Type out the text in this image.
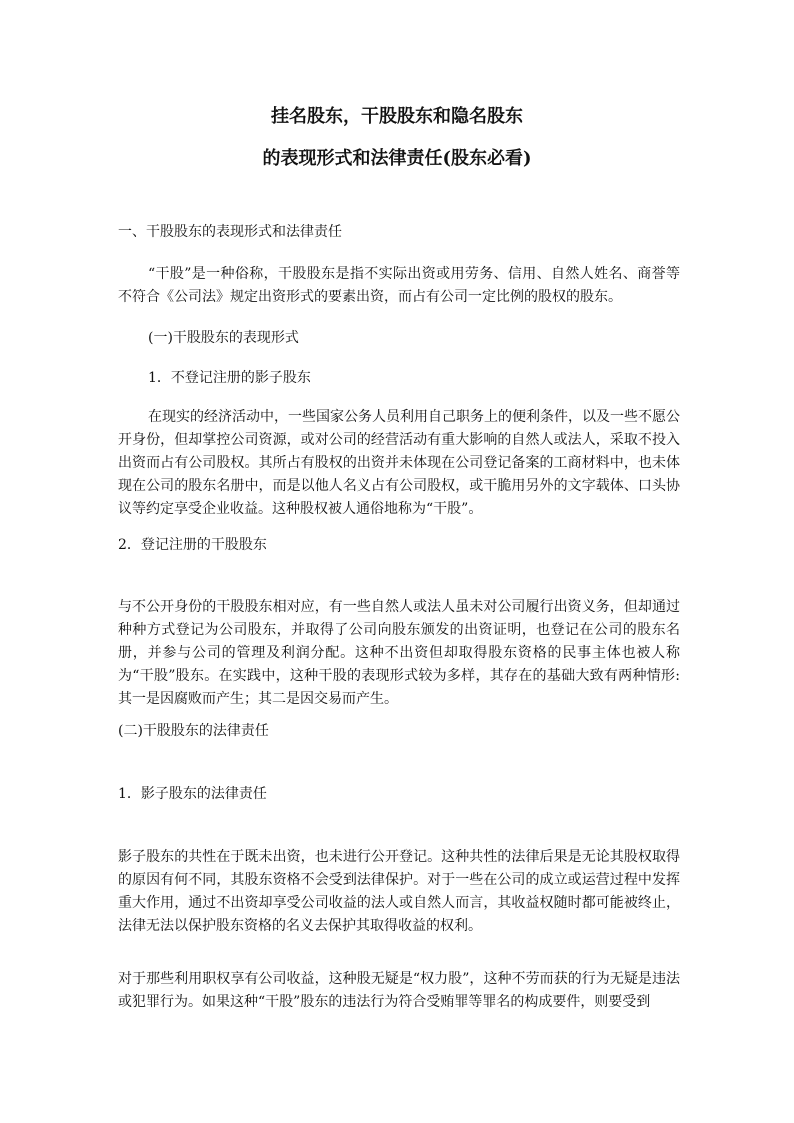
挂名股东，干股股东和隐名股东
的表现形式和法律责任(股东必看)
一、干股股东的表现形式和法律责任
“干股”是一种俗称，干股股东是指不实际出资或用劳务、信用、自然人姓名、商誉等不符合《公司法》规定出资形式的要素出资，而占有公司一定比例的股权的股东。
(一)干股股东的表现形式
1．不登记注册的影子股东
在现实的经济活动中，一些国家公务人员利用自己职务上的便利条件，以及一些不愿公开身份，但却掌控公司资源，或对公司的经营活动有重大影响的自然人或法人，采取不投入出资而占有公司股权。其所占有股权的出资并未体现在公司登记备案的工商材料中，也未体现在公司的股东名册中，而是以他人名义占有公司股权，或干脆用另外的文字载体、口头协议等约定享受企业收益。这种股权被人通俗地称为“干股”。
2．登记注册的干股股东
与不公开身份的干股股东相对应，有一些自然人或法人虽未对公司履行出资义务，但却通过种种方式登记为公司股东，并取得了公司向股东颁发的出资证明，也登记在公司的股东名册，并参与公司的管理及利润分配。这种不出资但却取得股东资格的民事主体也被人称为“干股”股东。在实践中，这种干股的表现形式较为多样，其存在的基础大致有两种情形: 其一是因腐败而产生；其二是因交易而产生。
(二)干股股东的法律责任
1．影子股东的法律责任
影子股东的共性在于既未出资，也未进行公开登记。这种共性的法律后果是无论其股权取得的原因有何不同，其股东资格不会受到法律保护。对于一些在公司的成立或运营过程中发挥重大作用，通过不出资却享受公司收益的法人或自然人而言，其收益权随时都可能被终止，法律无法以保护股东资格的名义去保护其取得收益的权利。
对于那些利用职权享有公司收益，这种股无疑是“权力股”，这种不劳而获的行为无疑是违法或犯罪行为。如果这种“干股”股东的违法行为符合受贿罪等罪名的构成要件，则要受到
